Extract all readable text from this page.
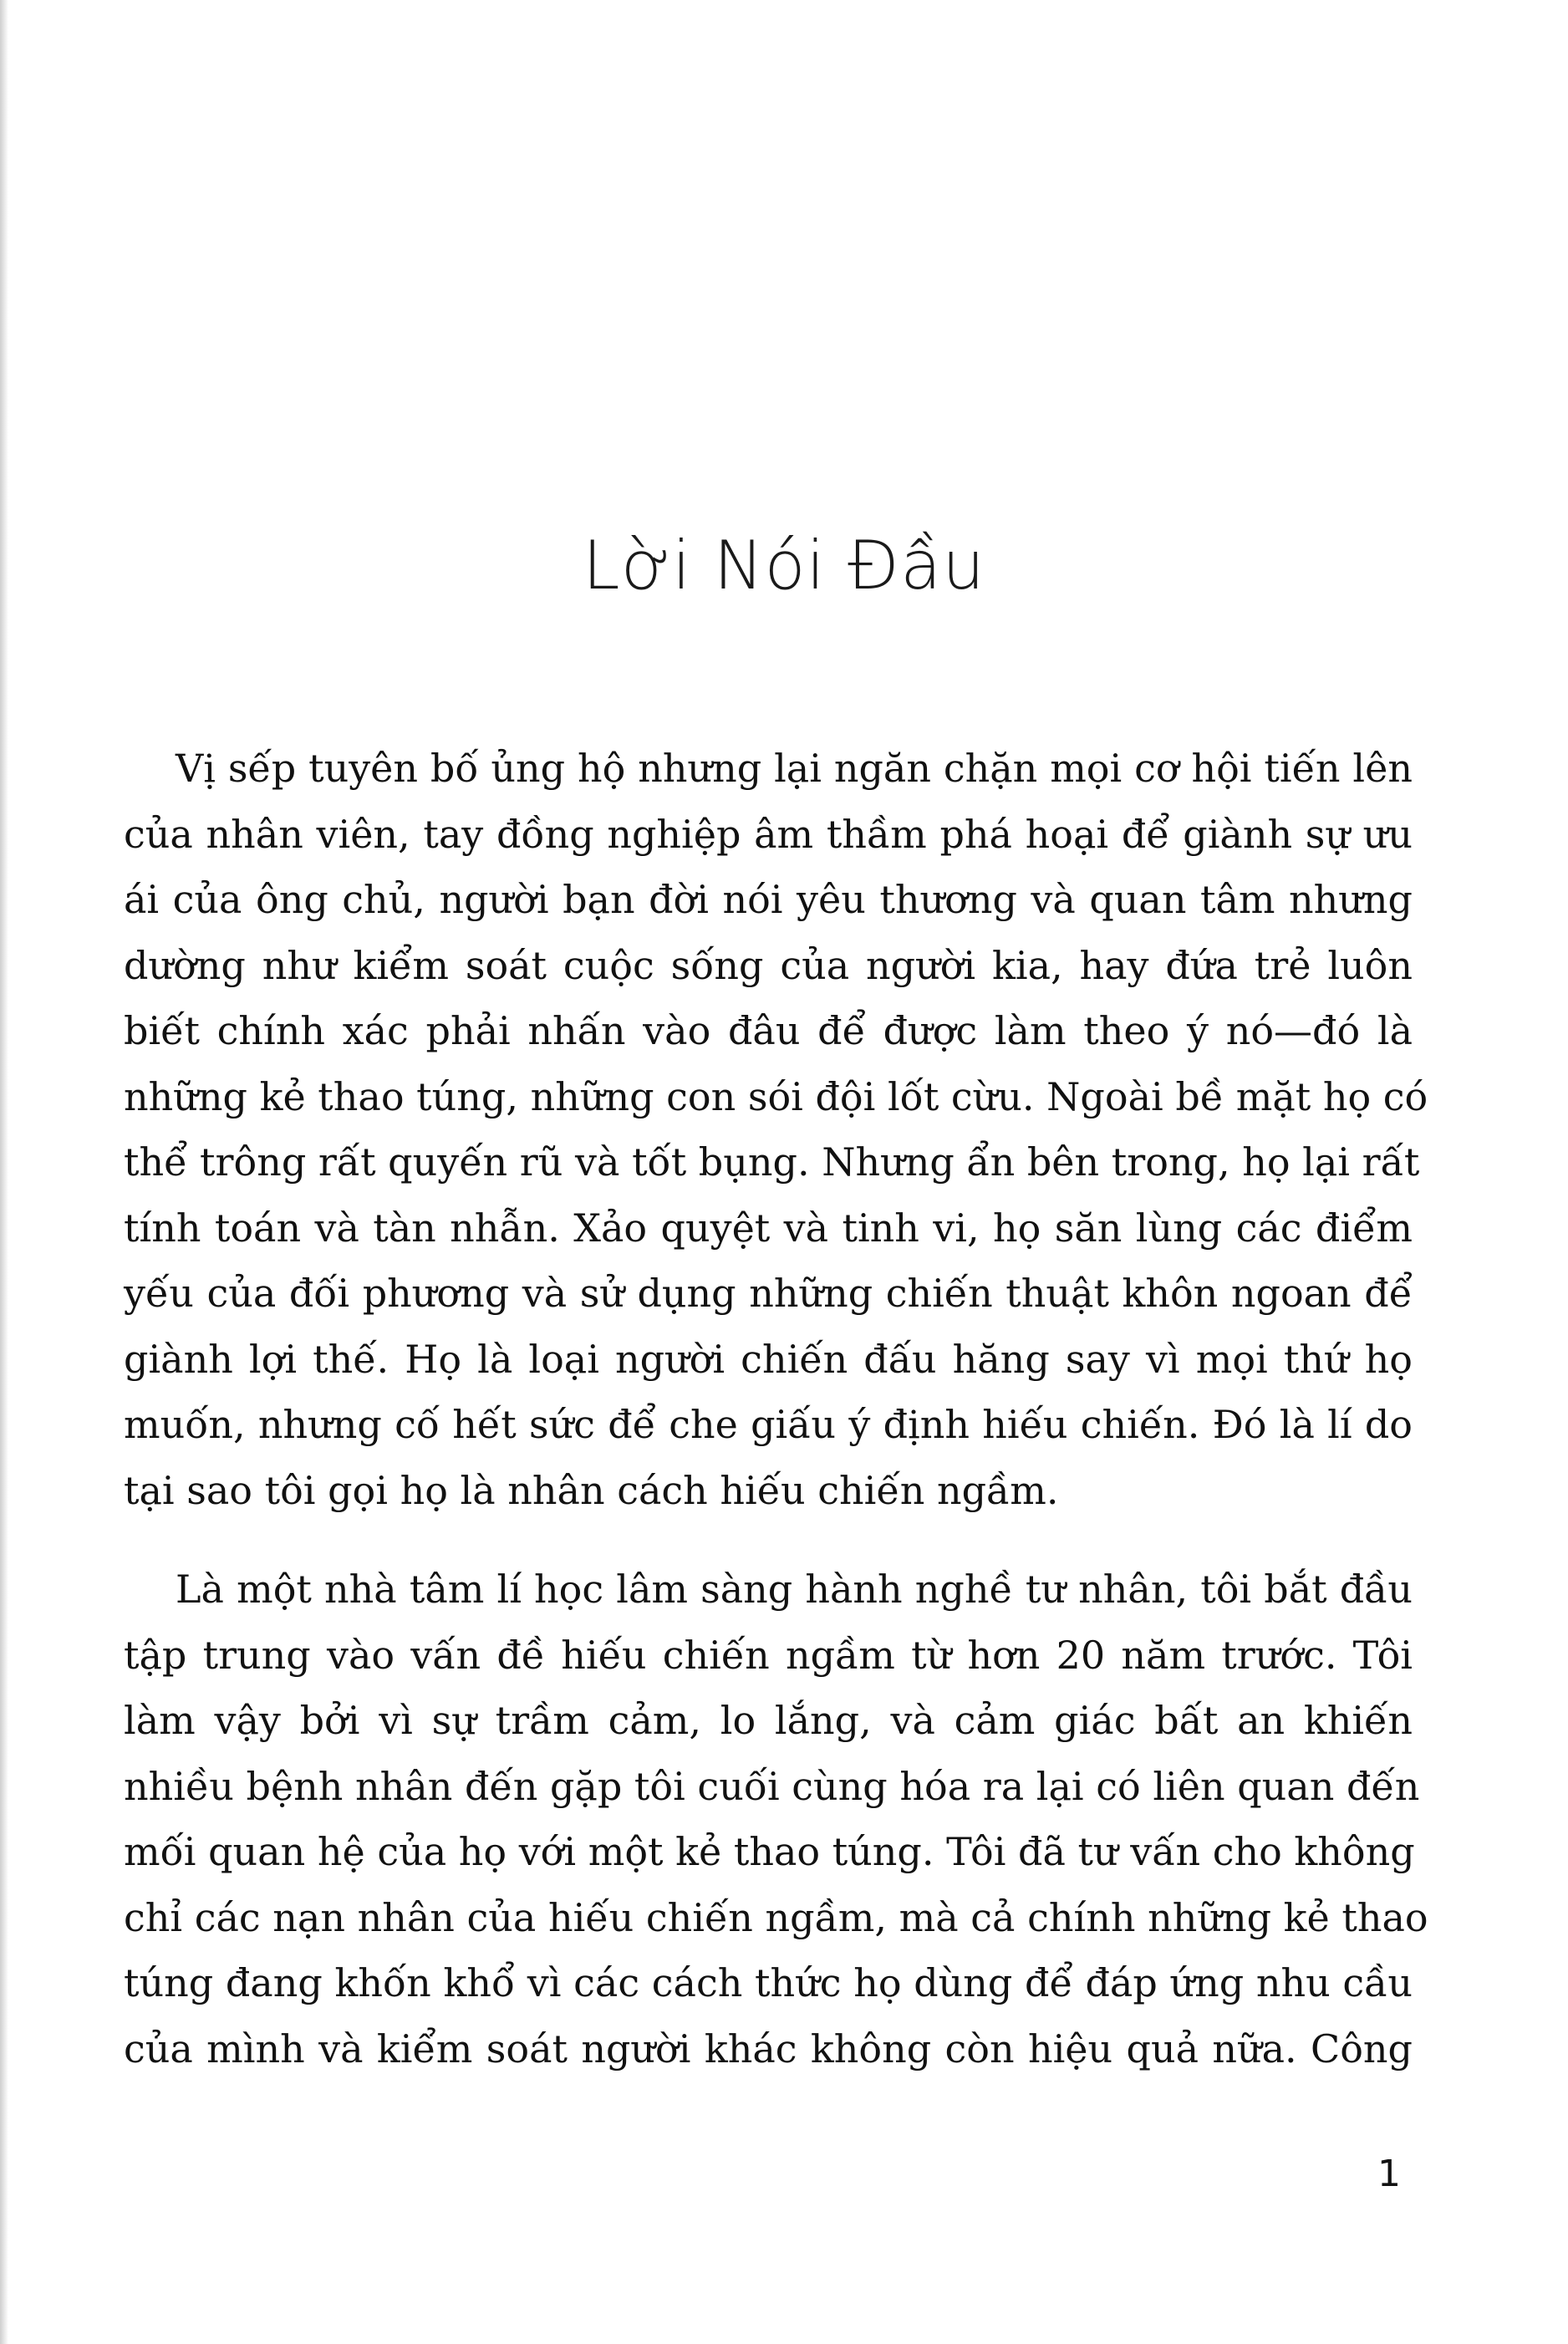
Lời Nói Đầu
Vị sếp tuyên bố ủng hộ nhưng lại ngăn chặn mọi cơ hội tiến lên
của nhân viên, tay đồng nghiệp âm thầm phá hoại để giành sự ưu
ái của ông chủ, người bạn đời nói yêu thương và quan tâm nhưng
dường như kiểm soát cuộc sống của người kia, hay đứa trẻ luôn
biết chính xác phải nhấn vào đâu để được làm theo ý nó—đó là
những kẻ thao túng, những con sói đội lốt cừu. Ngoài bề mặt họ có
thể trông rất quyến rũ và tốt bụng. Nhưng ẩn bên trong, họ lại rất
tính toán và tàn nhẫn. Xảo quyệt và tinh vi, họ săn lùng các điểm
yếu của đối phương và sử dụng những chiến thuật khôn ngoan để
giành lợi thế. Họ là loại người chiến đấu hăng say vì mọi thứ họ
muốn, nhưng cố hết sức để che giấu ý định hiếu chiến. Đó là lí do
tại sao tôi gọi họ là nhân cách hiếu chiến ngầm.
Là một nhà tâm lí học lâm sàng hành nghề tư nhân, tôi bắt đầu
tập trung vào vấn đề hiếu chiến ngầm từ hơn 20 năm trước. Tôi
làm vậy bởi vì sự trầm cảm, lo lắng, và cảm giác bất an khiến
nhiều bệnh nhân đến gặp tôi cuối cùng hóa ra lại có liên quan đến
mối quan hệ của họ với một kẻ thao túng. Tôi đã tư vấn cho không
chỉ các nạn nhân của hiếu chiến ngầm, mà cả chính những kẻ thao
túng đang khốn khổ vì các cách thức họ dùng để đáp ứng nhu cầu
của mình và kiểm soát người khác không còn hiệu quả nữa. Công
1
